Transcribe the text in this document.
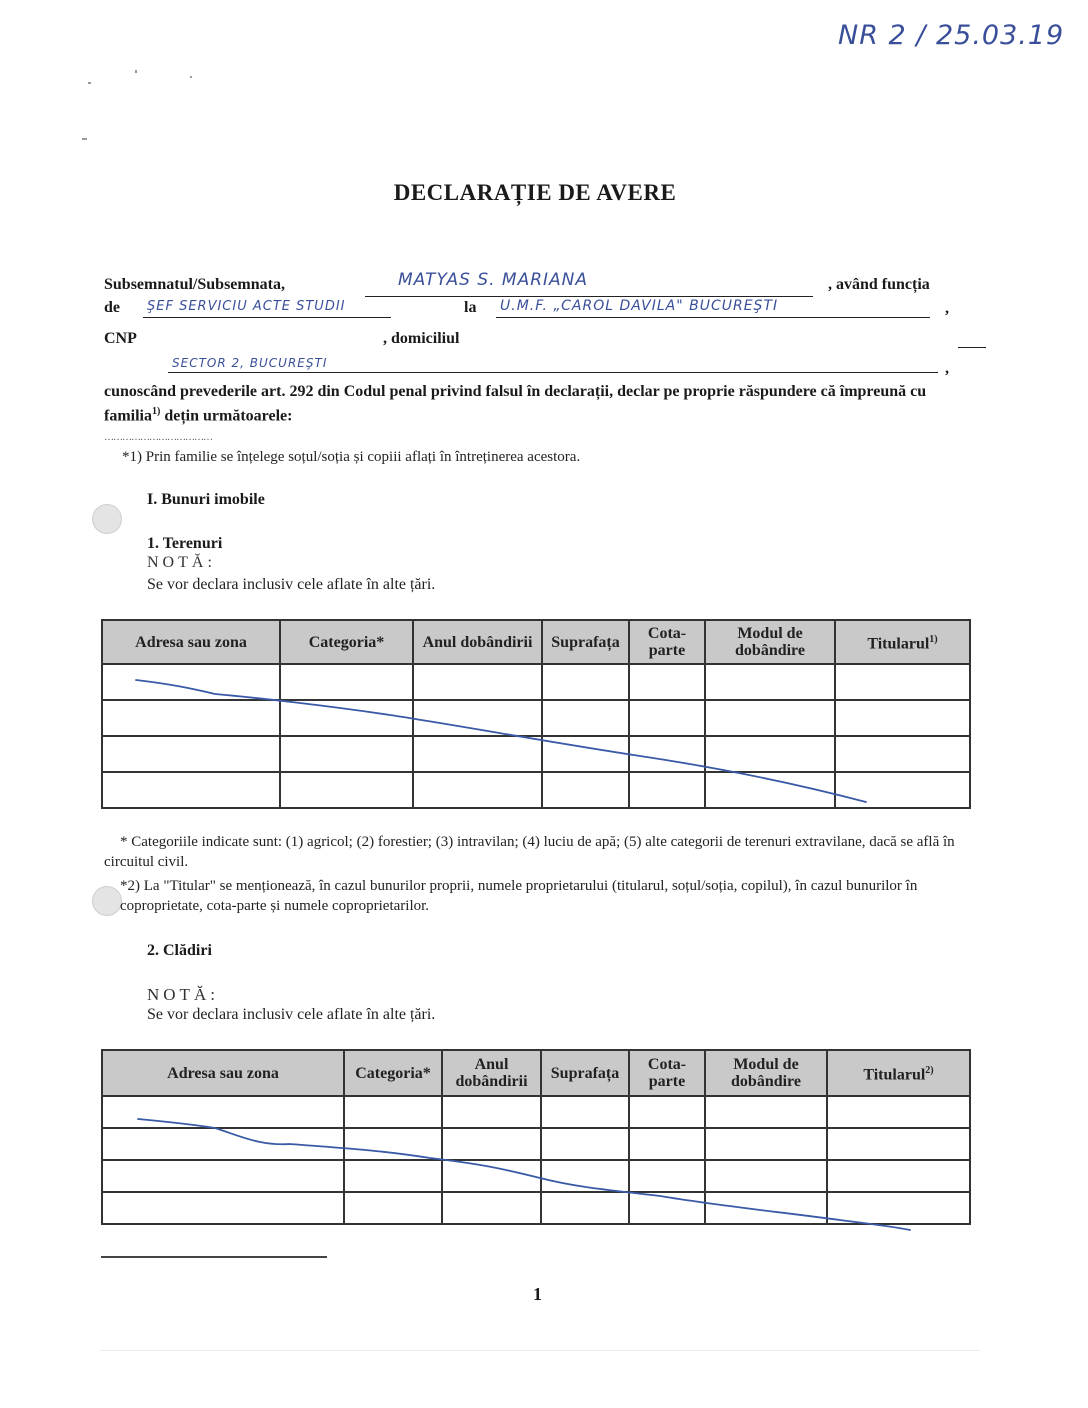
NR 2 / 25.03.19
DECLARAȚIE DE AVERE
Subsemnatul/Subsemnata,	MATYAS S. MARIANA	, având funcția
de ŞEF SERVICIU ACTE STUDII	la U.M.F. „CAROL DAVILA" BUCUREŞTI	,
CNP	, domiciliul
SECTOR 2, BUCUREŞTI	,
cunoscând prevederile art. 292 din Codul penal privind falsul în declarații, declar pe proprie răspundere că împreună cu familia$^{1)}$ dețin următoarele:
………………………………
*1) Prin familie se înțelege soțul/soția și copiii aflați în întreținerea acestora.
I. Bunuri imobile
1. Terenuri
NOTĂ:
Se vor declara inclusiv cele aflate în alte țări.
Adresa sau zona	Categoria*	Anul dobândirii	Suprafața	Cota-parte	Modul de dobândire	Titularul$^{1)}$

* Categoriile indicate sunt: (1) agricol; (2) forestier; (3) intravilan; (4) luciu de apă; (5) alte categorii de terenuri extravilane, dacă se află în circuitul civil.
*2) La "Titular" se menționează, în cazul bunurilor proprii, numele proprietarului (titularul, soțul/soția, copilul), în cazul bunurilor în coproprietate, cota-parte și numele coproprietarilor.
2. Clădiri
NOTĂ:
Se vor declara inclusiv cele aflate în alte țări.
Adresa sau zona	Categoria*	Anul dobândirii	Suprafața	Cota-parte	Modul de dobândire	Titularul$^{2)}$

1
